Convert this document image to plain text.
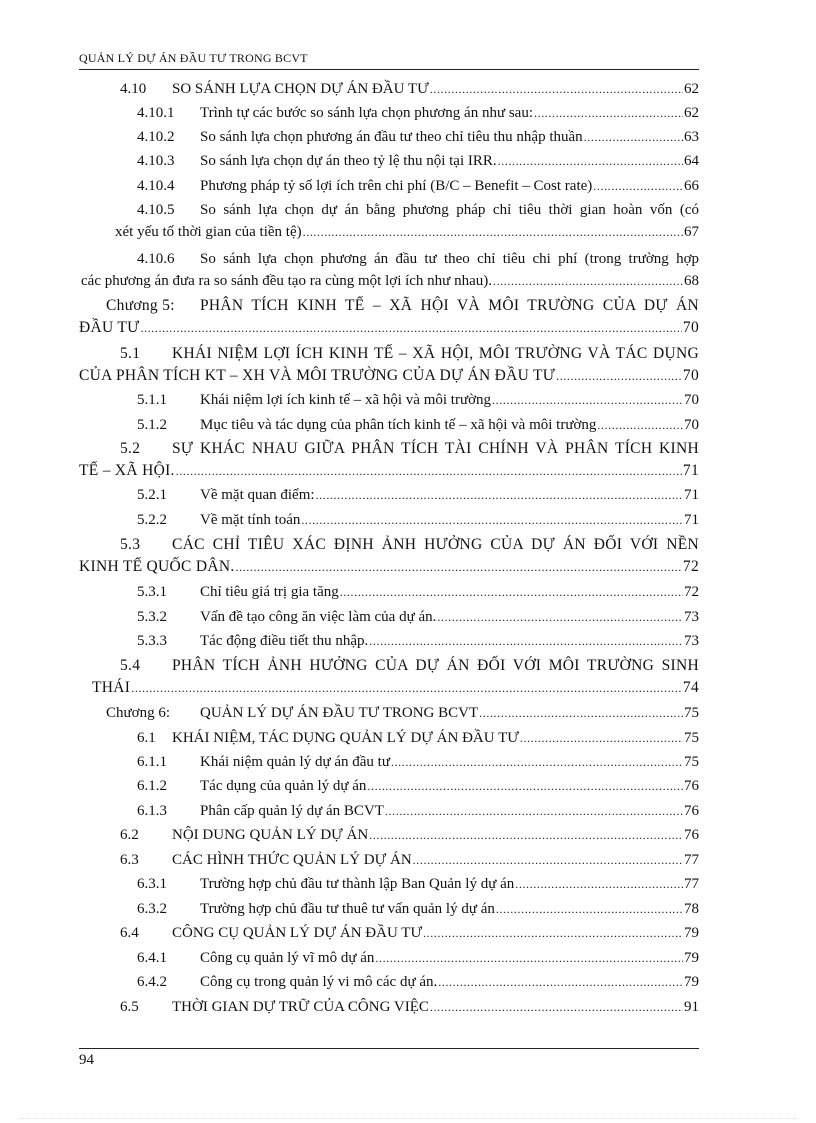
QUẢN LÝ DỰ ÁN ĐẦU TƯ TRONG BCVT
4.10	SO SÁNH LỰA CHỌN DỰ ÁN ĐẦU TƯ .....	62
4.10.1	Trình tự các bước so sánh lựa chọn phương án như sau: .....	62
4.10.2	So sánh lựa chọn phương án đầu tư theo chỉ tiêu thu nhập thuần .....	63
4.10.3	So sánh lựa chọn dự án theo tỷ lệ thu nội tại IRR. .....	64
4.10.4	Phương pháp tỷ số lợi ích trên chi phí (B/C – Benefit – Cost rate) .....	66
4.10.5	So sánh lựa chọn dự án bằng phương pháp chỉ tiêu thời gian hoàn vốn (có
xét yếu tố thời gian của tiền tệ) .....	67
4.10.6	So sánh lựa chọn phương án đầu tư theo chỉ tiêu chi phí (trong trường hợp
các phương án đưa ra so sánh đều tạo ra cùng một lợi ích như nhau). .....	68
Chương 5:	PHÂN TÍCH KINH TẾ – XÃ HỘI VÀ MÔI TRƯỜNG CỦA DỰ ÁN
ĐẦU TƯ .....	70
5.1	KHÁI NIỆM LỢI ÍCH KINH TẾ – XÃ HỘI, MÔI TRƯỜNG VÀ TÁC DỤNG
CỦA PHÂN TÍCH KT – XH VÀ MÔI TRƯỜNG CỦA DỰ ÁN ĐẦU TƯ .....	70
5.1.1	Khái niệm lợi ích kinh tế – xã hội và môi trường .....	70
5.1.2	Mục tiêu và tác dụng của phân tích kinh tế – xã hội và môi trường .....	70
5.2	SỰ KHÁC NHAU GIỮA PHÂN TÍCH TÀI CHÍNH VÀ PHÂN TÍCH KINH
TẾ – XÃ HỘI. .....	71
5.2.1	Về mặt quan điểm: .....	71
5.2.2	Về mặt tính toán .....	71
5.3	CÁC CHỈ TIÊU XÁC ĐỊNH ẢNH HƯỞNG CỦA DỰ ÁN ĐỐI VỚI NỀN
KINH TẾ QUỐC DÂN. .....	72
5.3.1	Chỉ tiêu giá trị gia tăng .....	72
5.3.2	Vấn đề tạo công ăn việc làm của dự án. .....	73
5.3.3	Tác động điều tiết thu nhập. .....	73
5.4	PHÂN TÍCH ẢNH HƯỞNG CỦA DỰ ÁN ĐỐI VỚI MÔI TRƯỜNG SINH
THÁI .....	74
Chương 6:	QUẢN LÝ DỰ ÁN ĐẦU TƯ TRONG BCVT .....	75
6.1	KHÁI NIỆM, TÁC DỤNG QUẢN LÝ DỰ ÁN ĐẦU TƯ .....	75
6.1.1	Khái niệm quản lý dự án đầu tư .....	75
6.1.2	Tác dụng của quản lý dự án .....	76
6.1.3	Phân cấp quản lý dự án BCVT .....	76
6.2	NỘI DUNG QUẢN LÝ DỰ ÁN .....	76
6.3	CÁC HÌNH THỨC QUẢN LÝ DỰ ÁN .....	77
6.3.1	Trường hợp chủ đầu tư thành lập Ban Quản lý dự án .....	77
6.3.2	Trường hợp chủ đầu tư thuê tư vấn quản lý dự án .....	78
6.4	CÔNG CỤ QUẢN LÝ DỰ ÁN ĐẦU TƯ .....	79
6.4.1	Công cụ quản lý vĩ mô dự án .....	79
6.4.2	Công cụ trong quản lý vi mô các dự án. .....	79
6.5	THỜI GIAN DỰ TRỮ CỦA CÔNG VIỆC .....	91
94
